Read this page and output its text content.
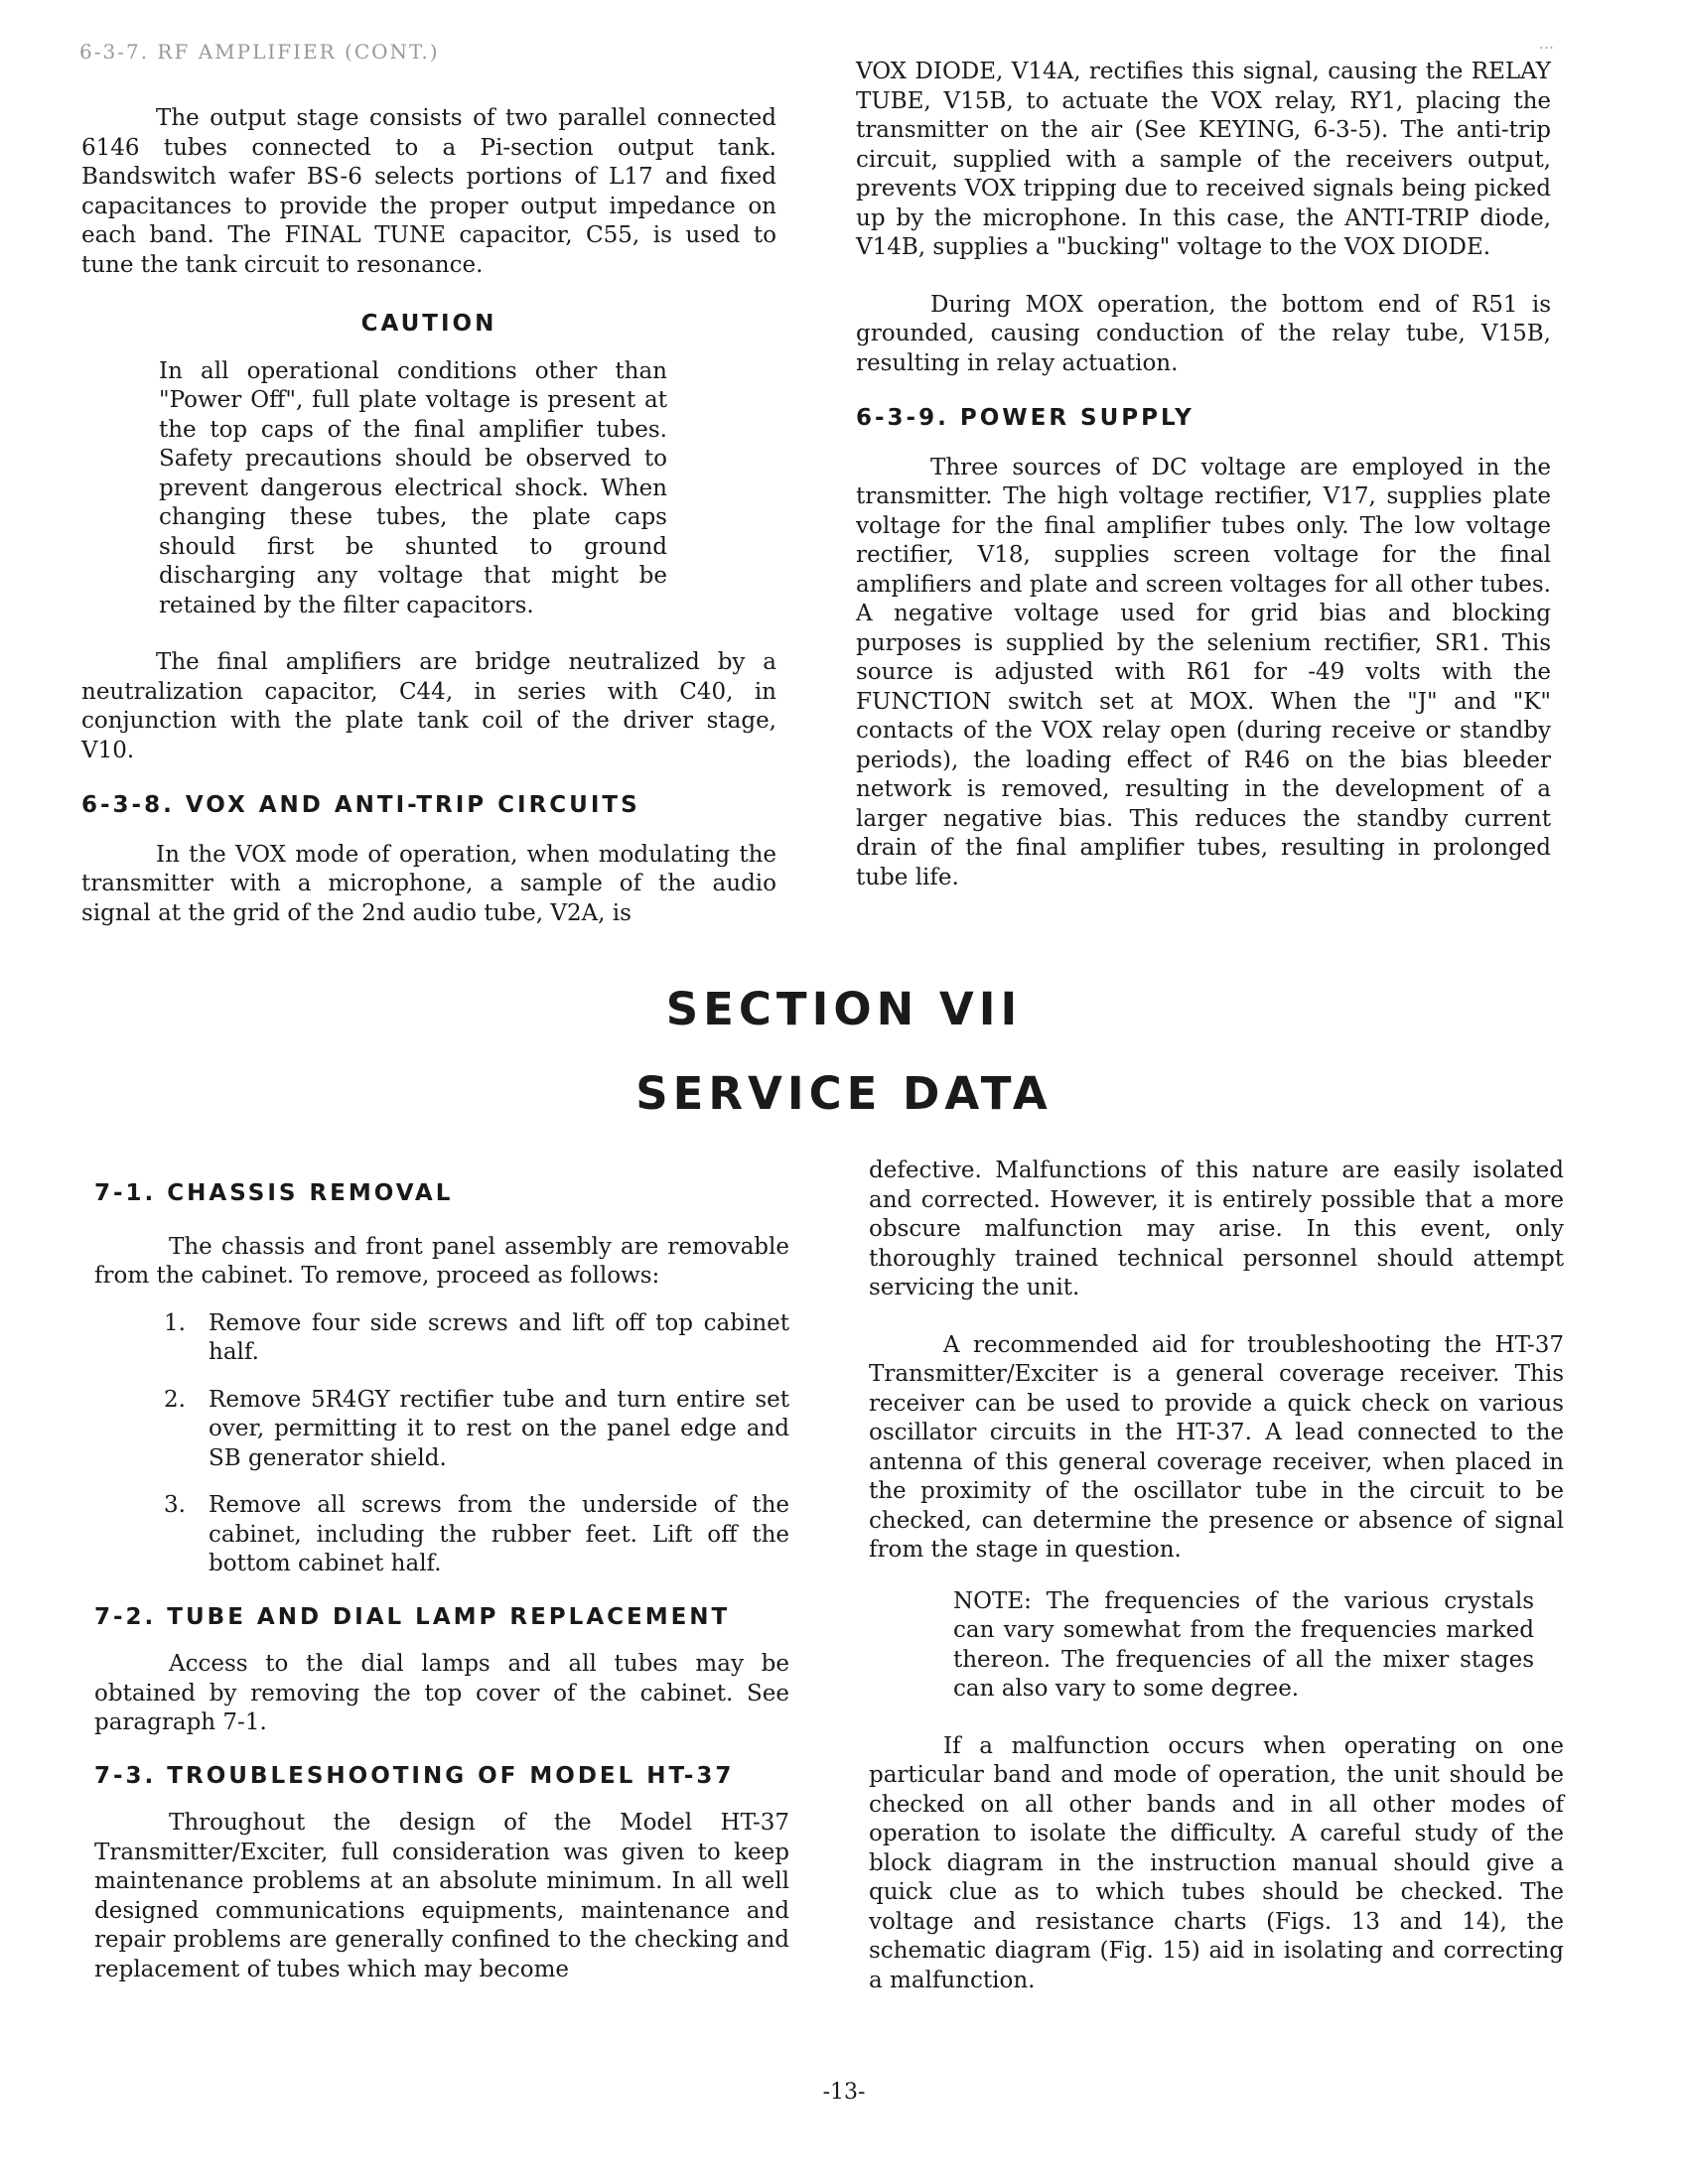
6-3-7. RF AMPLIFIER (CONT.)	...

The output stage consists of two parallel connected 6146 tubes connected to a Pi-section output tank. Bandswitch wafer BS-6 selects portions of L17 and fixed capacitances to provide the proper output impedance on each band. The FINAL TUNE capacitor, C55, is used to tune the tank circuit to resonance.

CAUTION

In all operational conditions other than "Power Off", full plate voltage is present at the top caps of the final amplifier tubes. Safety precautions should be observed to prevent dangerous electrical shock. When changing these tubes, the plate caps should first be shunted to ground discharging any voltage that might be retained by the filter capacitors.

The final amplifiers are bridge neutralized by a neutralization capacitor, C44, in series with C40, in conjunction with the plate tank coil of the driver stage, V10.

6-3-8. VOX AND ANTI-TRIP CIRCUITS

In the VOX mode of operation, when modulating the transmitter with a microphone, a sample of the audio signal at the grid of the 2nd audio tube, V2A, is

VOX DIODE, V14A, rectifies this signal, causing the RELAY TUBE, V15B, to actuate the VOX relay, RY1, placing the transmitter on the air (See KEYING, 6-3-5). The anti-trip circuit, supplied with a sample of the receivers output, prevents VOX tripping due to received signals being picked up by the microphone. In this case, the ANTI-TRIP diode, V14B, supplies a "bucking" voltage to the VOX DIODE.

During MOX operation, the bottom end of R51 is grounded, causing conduction of the relay tube, V15B, resulting in relay actuation.

6-3-9. POWER SUPPLY

Three sources of DC voltage are employed in the transmitter. The high voltage rectifier, V17, supplies plate voltage for the final amplifier tubes only. The low voltage rectifier, V18, supplies screen voltage for the final amplifiers and plate and screen voltages for all other tubes. A negative voltage used for grid bias and blocking purposes is supplied by the selenium rectifier, SR1. This source is adjusted with R61 for -49 volts with the FUNCTION switch set at MOX. When the "J" and "K" contacts of the VOX relay open (during receive or standby periods), the loading effect of R46 on the bias bleeder network is removed, resulting in the development of a larger negative bias. This reduces the standby current drain of the final amplifier tubes, resulting in prolonged tube life.

SECTION VII
SERVICE DATA
7-1. CHASSIS REMOVAL

The chassis and front panel assembly are removable from the cabinet. To remove, proceed as follows:

1.	Remove four side screws and lift off top cabinet half.
2.	Remove 5R4GY rectifier tube and turn entire set over, permitting it to rest on the panel edge and SB generator shield.
3.	Remove all screws from the underside of the cabinet, including the rubber feet. Lift off the bottom cabinet half.
7-2. TUBE AND DIAL LAMP REPLACEMENT

Access to the dial lamps and all tubes may be obtained by removing the top cover of the cabinet. See paragraph 7-1.

7-3. TROUBLESHOOTING OF MODEL HT-37

Throughout the design of the Model HT-37 Transmitter/Exciter, full consideration was given to keep maintenance problems at an absolute minimum. In all well designed communications equipments, maintenance and repair problems are generally confined to the checking and replacement of tubes which may become

defective. Malfunctions of this nature are easily isolated and corrected. However, it is entirely possible that a more obscure malfunction may arise. In this event, only thoroughly trained technical personnel should attempt servicing the unit.

A recommended aid for troubleshooting the HT-37 Transmitter/Exciter is a general coverage receiver. This receiver can be used to provide a quick check on various oscillator circuits in the HT-37. A lead connected to the antenna of this general coverage receiver, when placed in the proximity of the oscillator tube in the circuit to be checked, can determine the presence or absence of signal from the stage in question.

NOTE: The frequencies of the various crystals can vary somewhat from the frequencies marked thereon. The frequencies of all the mixer stages can also vary to some degree.

If a malfunction occurs when operating on one particular band and mode of operation, the unit should be checked on all other bands and in all other modes of operation to isolate the difficulty. A careful study of the block diagram in the instruction manual should give a quick clue as to which tubes should be checked. The voltage and resistance charts (Figs. 13 and 14), the schematic diagram (Fig. 15) aid in isolating and correcting a malfunction.

-13-
